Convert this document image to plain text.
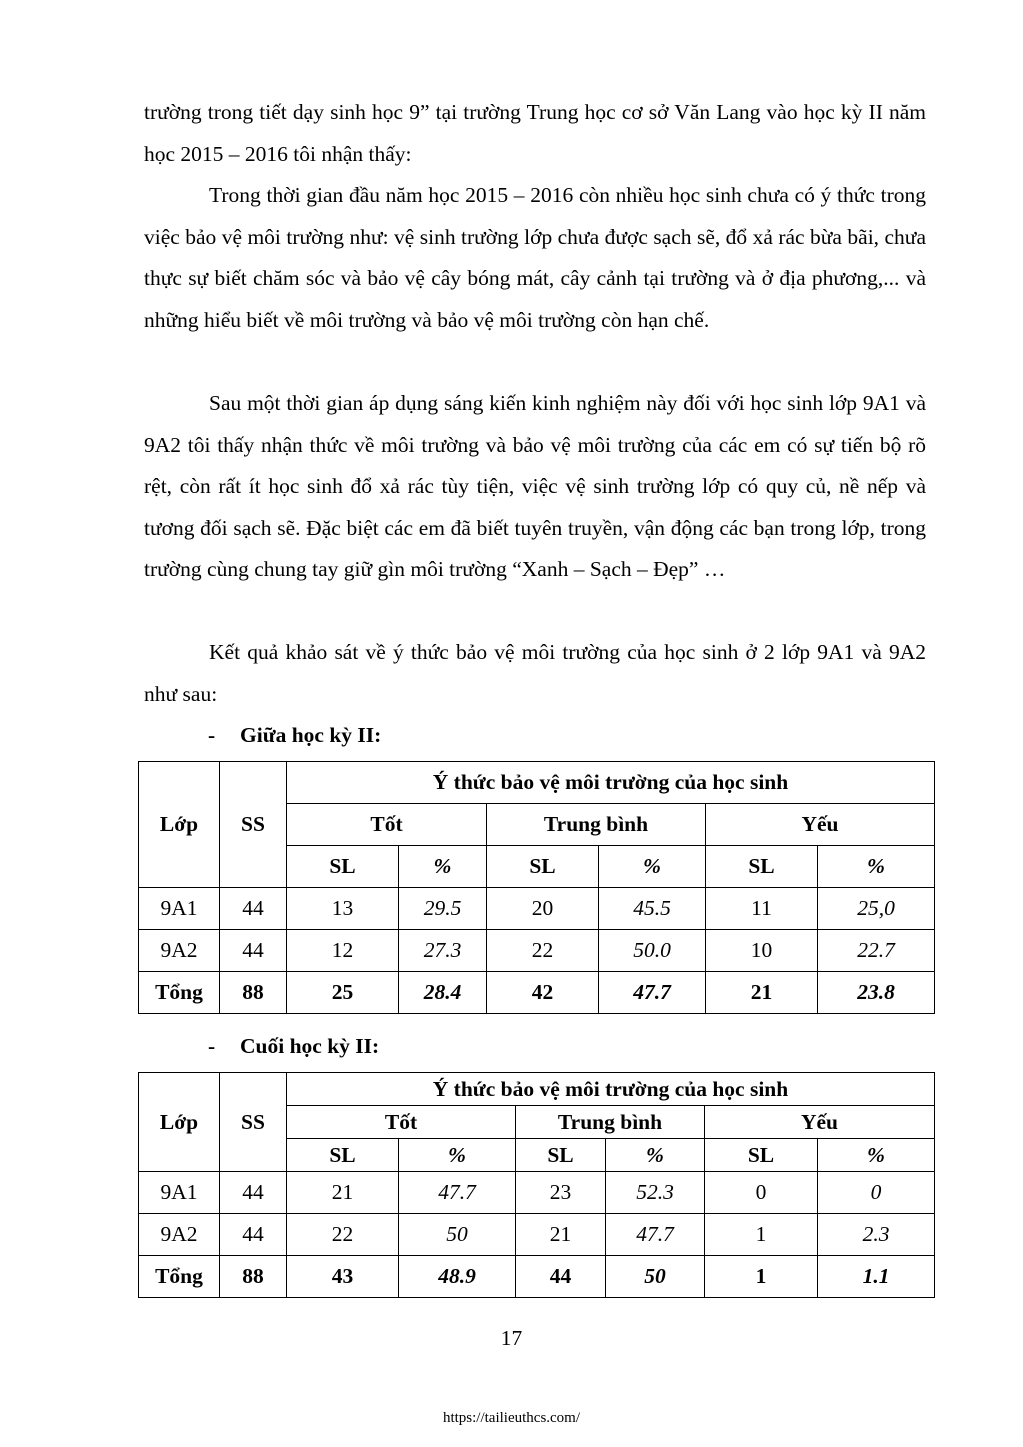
trường trong tiết dạy sinh học 9” tại trường Trung học cơ sở Văn Lang vào học kỳ II năm học 2015 – 2016 tôi nhận thấy:

Trong thời gian đầu năm học 2015 – 2016 còn nhiều học sinh chưa có ý thức trong việc bảo vệ môi trường như: vệ sinh trường lớp chưa được sạch sẽ, đổ xả rác bừa bãi, chưa thực sự biết chăm sóc và bảo vệ cây bóng mát, cây cảnh tại trường và ở địa phương,... và những hiểu biết về môi trường và bảo vệ môi trường còn hạn chế.

Sau một thời gian áp dụng sáng kiến kinh nghiệm này đối với học sinh lớp 9A1 và 9A2 tôi thấy nhận thức về môi trường và bảo vệ môi trường của các em có sự tiến bộ rõ rệt, còn rất ít học sinh đổ xả rác tùy tiện, việc vệ sinh trường lớp có quy củ, nề nếp và tương đối sạch sẽ. Đặc biệt các em đã biết tuyên truyền, vận động các bạn trong lớp, trong trường cùng chung tay giữ gìn môi trường “Xanh – Sạch – Đẹp” …

Kết quả khảo sát về ý thức bảo vệ môi trường của học sinh ở 2 lớp 9A1 và 9A2 như sau:

- Giữa học kỳ II:
Lớp	SS	Ý thức bảo vệ môi trường của học sinh					
		Tốt		Trung bình		Yếu	
		SL	%	SL	%	SL	%
9A1	44	13	29.5	20	45.5	11	25,0
9A2	44	12	27.3	22	50.0	10	22.7
Tổng	88	25	28.4	42	47.7	21	23.8
- Cuối học kỳ II:
Lớp	SS	Ý thức bảo vệ môi trường của học sinh					
		Tốt		Trung bình		Yếu	
		SL	%	SL	%	SL	%
9A1	44	21	47.7	23	52.3	0	0
9A2	44	22	50	21	47.7	1	2.3
Tổng	88	43	48.9	44	50	1	1.1
17
https://tailieuthcs.com/
